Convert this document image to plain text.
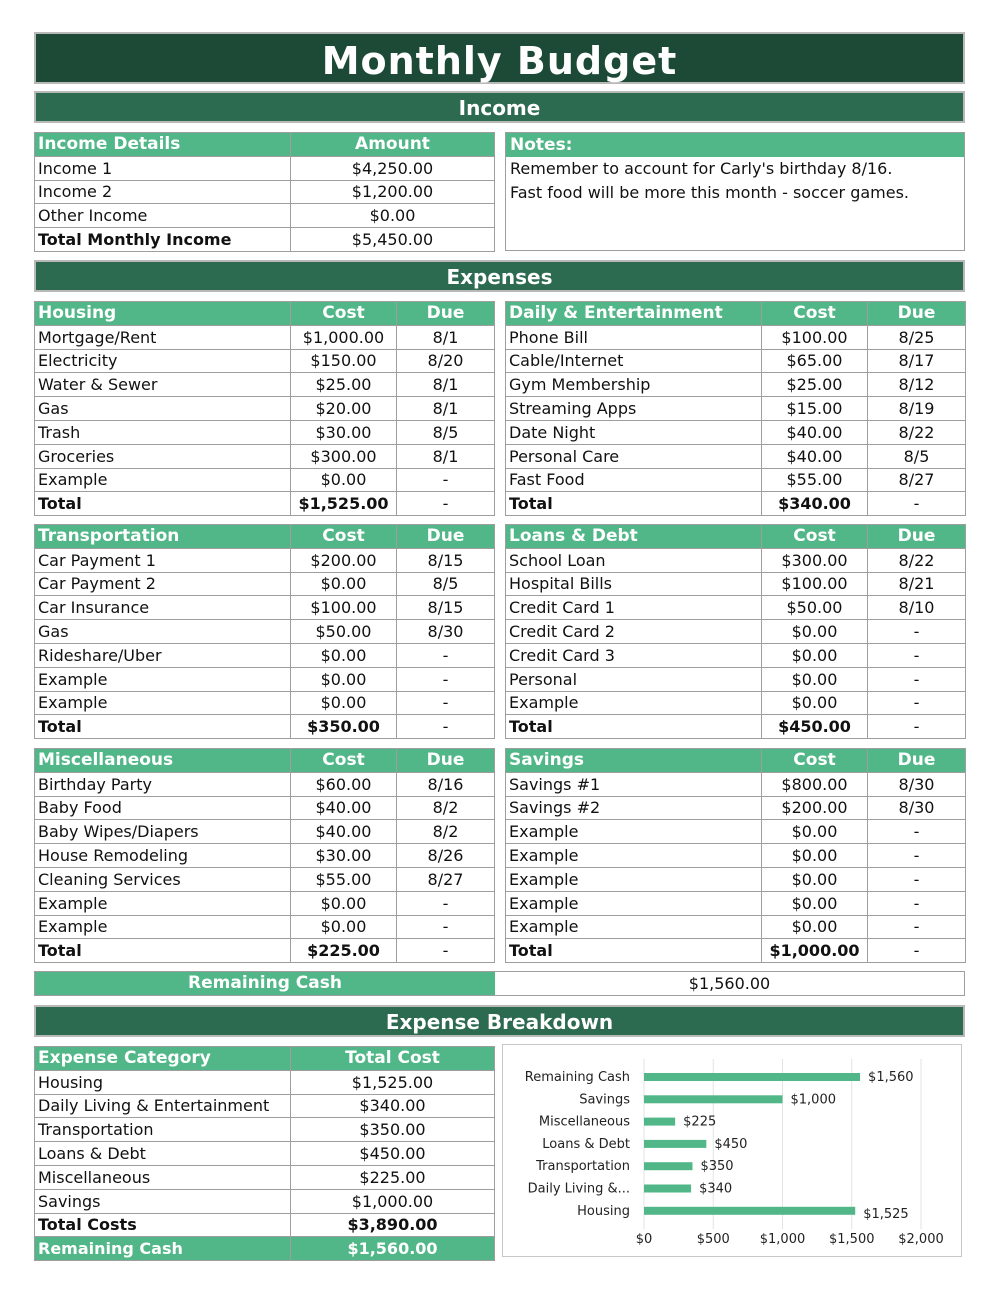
Monthly Budget
Income
Income Details	Amount
Income 1	$4,250.00
Income 2	$1,200.00
Other Income	$0.00
Total Monthly Income	$5,450.00
Notes:
Remember to account for Carly's birthday 8/16.
Fast food will be more this month - soccer games.
Expenses
Housing	Cost	Due
Mortgage/Rent	$1,000.00	8/1
Electricity	$150.00	8/20
Water & Sewer	$25.00	8/1
Gas	$20.00	8/1
Trash	$30.00	8/5
Groceries	$300.00	8/1
Example	$0.00	-
Total	$1,525.00	-
Daily & Entertainment	Cost	Due
Phone Bill	$100.00	8/25
Cable/Internet	$65.00	8/17
Gym Membership	$25.00	8/12
Streaming Apps	$15.00	8/19
Date Night	$40.00	8/22
Personal Care	$40.00	8/5
Fast Food	$55.00	8/27
Total	$340.00	-
Transportation	Cost	Due
Car Payment 1	$200.00	8/15
Car Payment 2	$0.00	8/5
Car Insurance	$100.00	8/15
Gas	$50.00	8/30
Rideshare/Uber	$0.00	-
Example	$0.00	-
Example	$0.00	-
Total	$350.00	-
Loans & Debt	Cost	Due
School Loan	$300.00	8/22
Hospital Bills	$100.00	8/21
Credit Card 1	$50.00	8/10
Credit Card 2	$0.00	-
Credit Card 3	$0.00	-
Personal	$0.00	-
Example	$0.00	-
Total	$450.00	-
Miscellaneous	Cost	Due
Birthday Party	$60.00	8/16
Baby Food	$40.00	8/2
Baby Wipes/Diapers	$40.00	8/2
House Remodeling	$30.00	8/26
Cleaning Services	$55.00	8/27
Example	$0.00	-
Example	$0.00	-
Total	$225.00	-
Savings	Cost	Due
Savings #1	$800.00	8/30
Savings #2	$200.00	8/30
Example	$0.00	-
Example	$0.00	-
Example	$0.00	-
Example	$0.00	-
Example	$0.00	-
Total	$1,000.00	-
Remaining Cash	$1,560.00
Expense Breakdown
Expense Category	Total Cost
Housing	$1,525.00
Daily Living & Entertainment	$340.00
Transportation	$350.00
Loans & Debt	$450.00
Miscellaneous	$225.00
Savings	$1,000.00
Total Costs	$3,890.00
Remaining Cash	$1,560.00	$0	$500 $1,000 $1,500 $2,000
Remaining Cash	$1,560
Savings	$1,000
Miscellaneous	$225
Loans & Debt	$450
Transportation	$350
Daily Living &...	$340
Housing	$1,525
